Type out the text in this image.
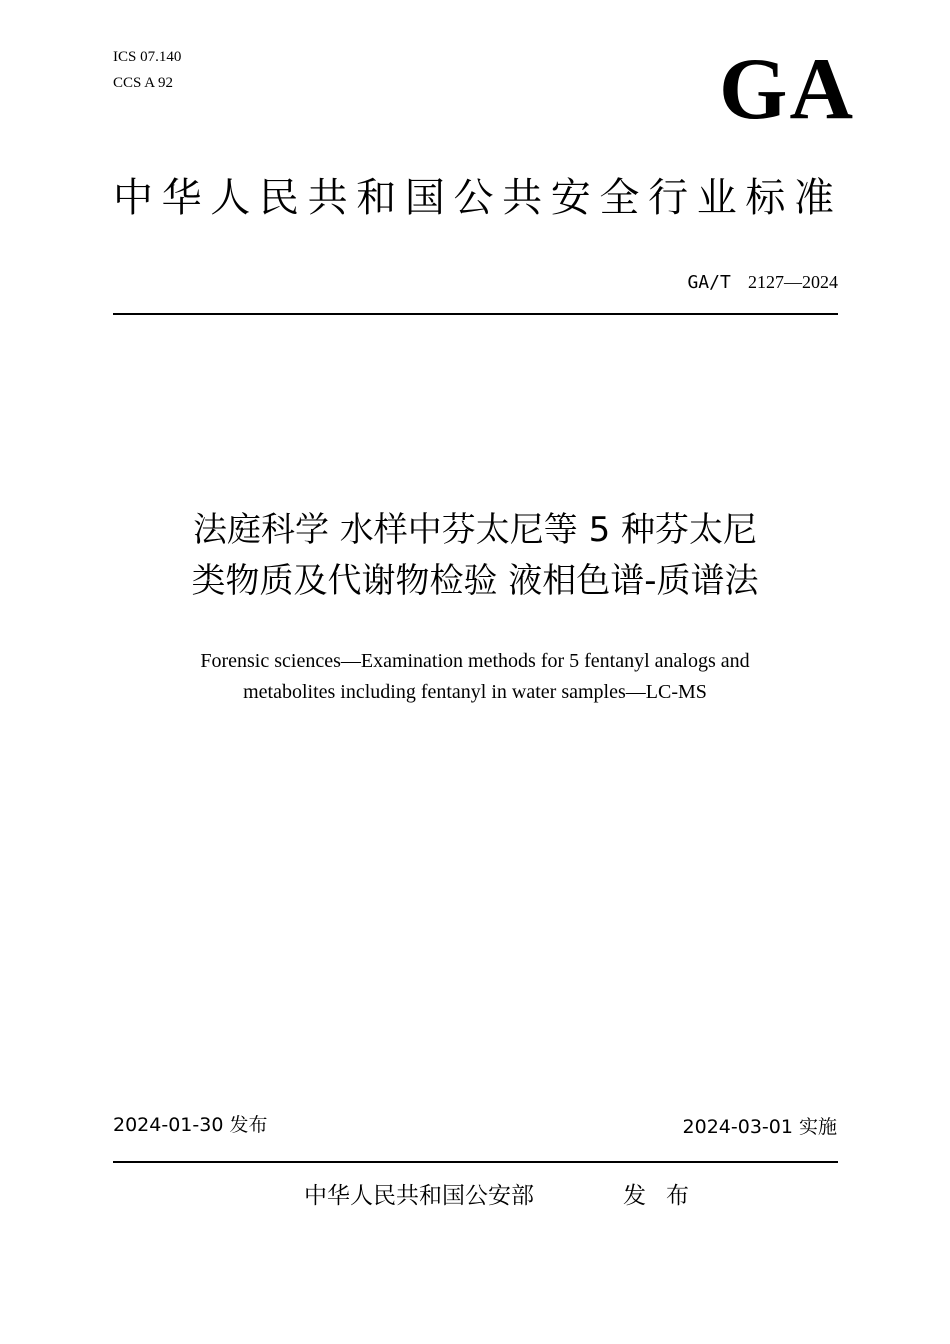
ICS 07.140
CCS A 92	GA
中华人民共和国公共安全行业标准
GA/T 2127—2024
法庭科学 水样中芬太尼等 5 种芬太尼
类物质及代谢物检验 液相色谱-质谱法
Forensic sciences—Examination methods for 5 fentanyl analogs and
metabolites including fentanyl in water samples—LC-MS
2024-01-30 发布	2024-03-01 实施
中华人民共和国公安部	发布
